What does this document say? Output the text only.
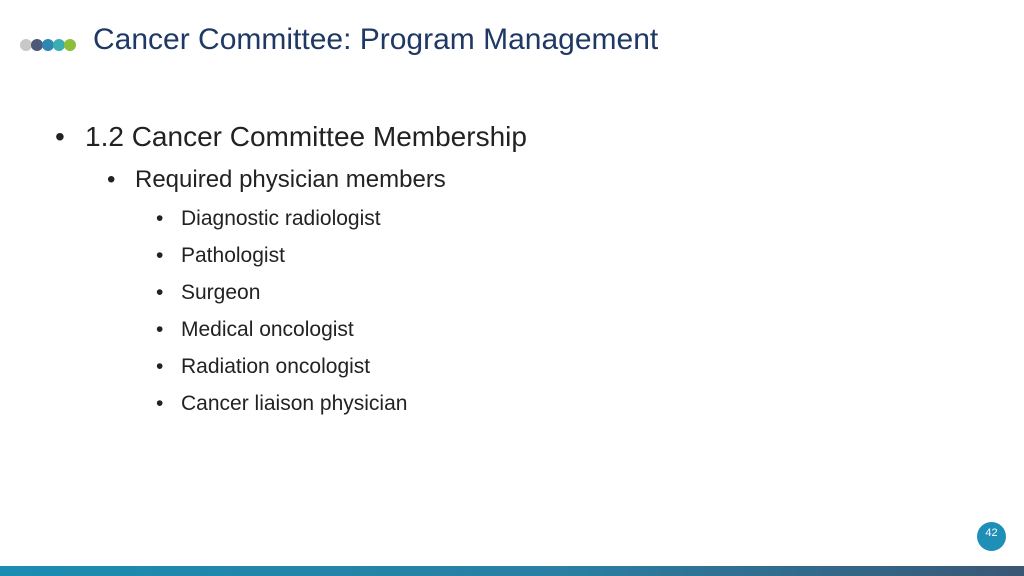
Cancer Committee: Program Management
• 1.2 Cancer Committee Membership
• Required physician members
• Diagnostic radiologist
• Pathologist
• Surgeon
• Medical oncologist
• Radiation oncologist
• Cancer liaison physician
42
